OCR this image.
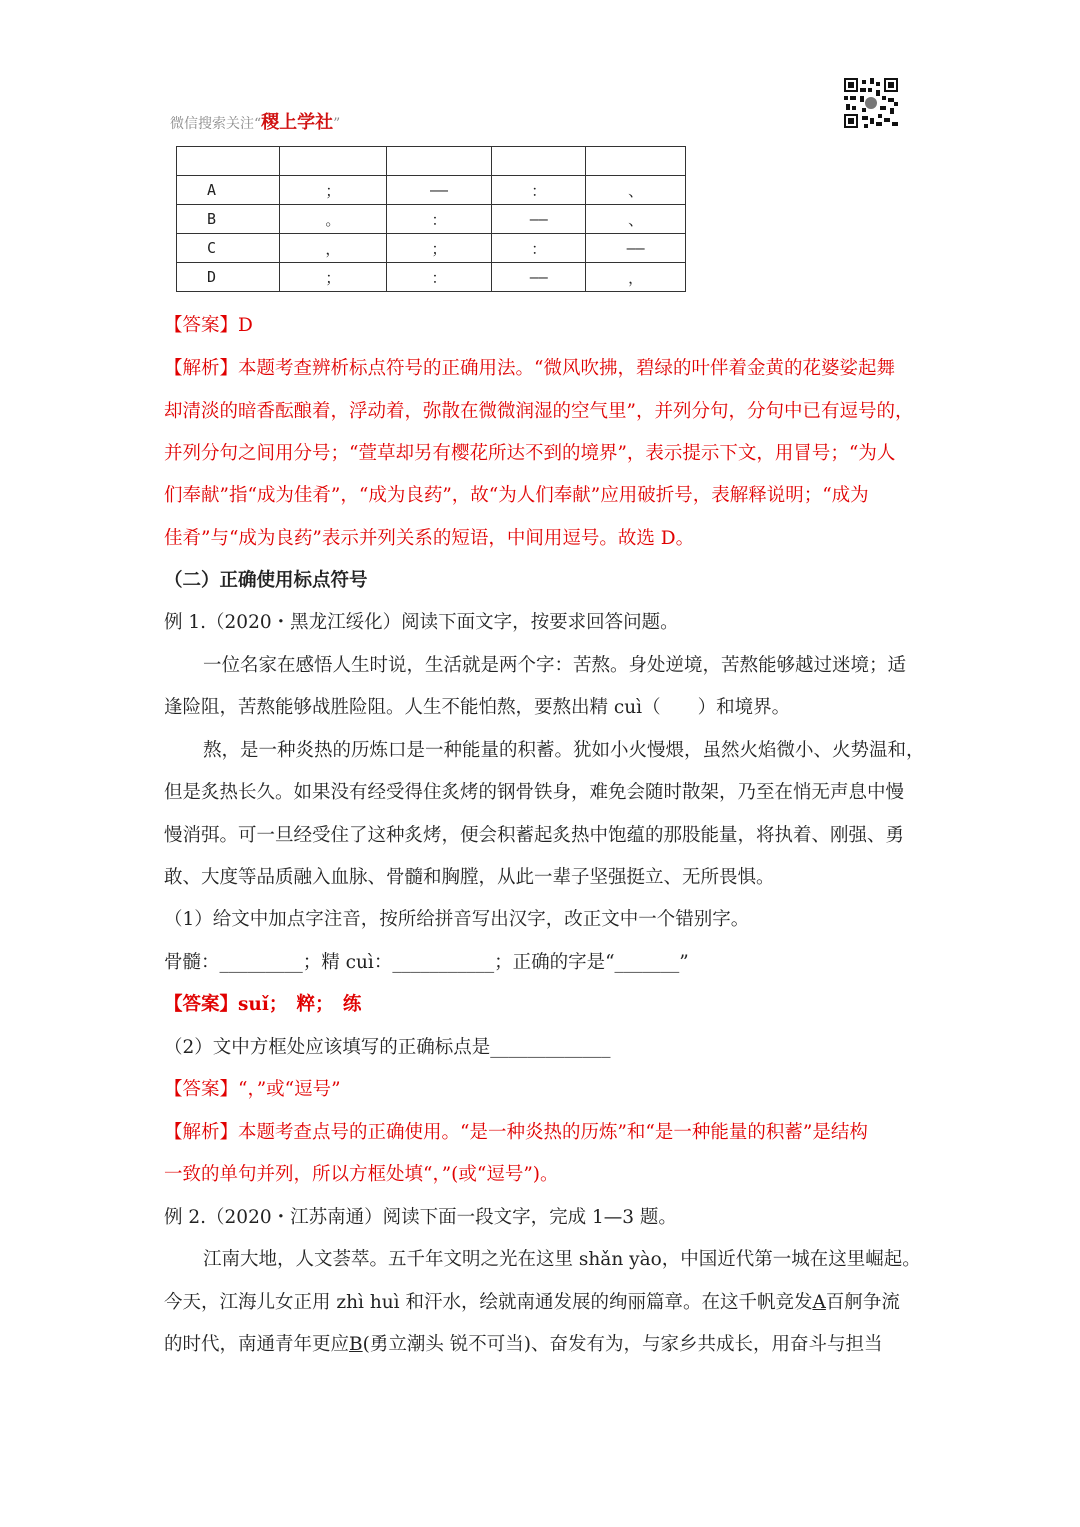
微信搜索关注“稷上学社”

A	；	——	：	、
B	。	：	——	、
C	，	；	：	——
D	；	：	——	，
【答案】D
【解析】本题考查辨析标点符号的正确用法。“微风吹拂，碧绿的叶伴着金黄的花婆娑起舞
却清淡的暗香酝酿着，浮动着，弥散在微微润湿的空气里”，并列分句，分句中已有逗号的，
并列分句之间用分号；“萱草却另有樱花所达不到的境界”，表示提示下文，用冒号；“为人
们奉献”指“成为佳肴”，“成为良药”，故“为人们奉献”应用破折号，表解释说明；“成为
佳肴”与“成为良药”表示并列关系的短语，中间用逗号。故选 D。
（二）正确使用标点符号
例 1.（2020・黑龙江绥化）阅读下面文字，按要求回答问题。
一位名家在感悟人生时说，生活就是两个字：苦熬。身处逆境，苦熬能够越过迷境；适
逢险阻，苦熬能够战胜险阻。人生不能怕熬，要熬出精 cuì（　　）和境界。
熬，是一种炎热的历炼口是一种能量的积蓄。犹如小火慢煨，虽然火焰微小、火势温和，
但是炙热长久。如果没有经受得住炙烤的钢骨铁身，难免会随时散架，乃至在悄无声息中慢
慢消弭。可一旦经受住了这种炙烤，便会积蓄起炙热中饱蕴的那股能量，将执着、刚强、勇
敢、大度等品质融入血脉、骨髓和胸膛，从此一辈子坚强挺立、无所畏惧。
（1）给文中加点字注音，按所给拼音写出汉字，改正文中一个错别字。
骨髓：_________；精 cuì：___________；正确的字是“_______”
【答案】suǐ；　粹；　练
（2）文中方框处应该填写的正确标点是_____________
【答案】“，”或“逗号”
【解析】本题考查点号的正确使用。“是一种炎热的历炼”和“是一种能量的积蓄”是结构
一致的单句并列，所以方框处填“，”(或“逗号”)。
例 2.（2020・江苏南通）阅读下面一段文字，完成 1—3 题。
江南大地，人文荟萃。五千年文明之光在这里 shǎn yào，中国近代第一城在这里崛起。
今天，江海儿女正用 zhì huì 和汗水，绘就南通发展的绚丽篇章。在这千帆竞发A百舸争流
的时代，南通青年更应B(勇立潮头 锐不可当)、奋发有为，与家乡共成长，用奋斗与担当
